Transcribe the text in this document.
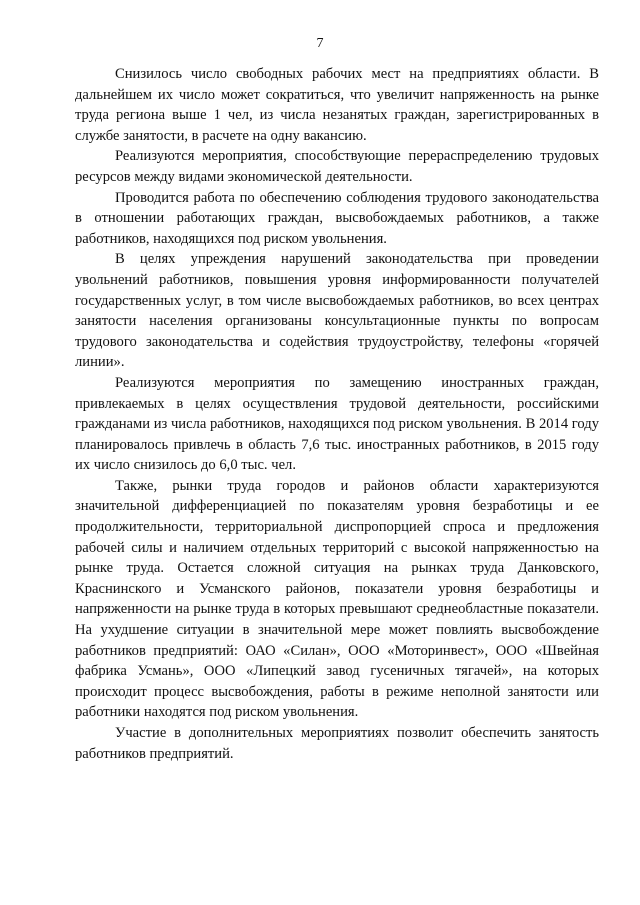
7

Снизилось число свободных рабочих мест на предприятиях области. В дальнейшем их число может сократиться, что увеличит напряженность на рынке труда региона выше 1 чел, из числа незанятых граждан, зарегистрированных в службе занятости, в расчете на одну вакансию.

Реализуются мероприятия, способствующие перераспределению трудовых ресурсов между видами экономической деятельности.

Проводится работа по обеспечению соблюдения трудового законодательства в отношении работающих граждан, высвобождаемых работников, а также работников, находящихся под риском увольнения.

В целях упреждения нарушений законодательства при проведении увольнений работников, повышения уровня информированности получателей государственных услуг, в том числе высвобождаемых работников, во всех центрах занятости населения организованы консультационные пункты по вопросам трудового законодательства и содействия трудоустройству, телефоны «горячей линии».

Реализуются мероприятия по замещению иностранных граждан, привлекаемых в целях осуществления трудовой деятельности, российскими гражданами из числа работников, находящихся под риском увольнения. В 2014 году планировалось привлечь в область 7,6 тыс. иностранных работников, в 2015 году их число снизилось до 6,0 тыс. чел.

Также, рынки труда городов и районов области характеризуются значительной дифференциацией по показателям уровня безработицы и ее продолжительности, территориальной диспропорцией спроса и предложения рабочей силы и наличием отдельных территорий с высокой напряженностью на рынке труда. Остается сложной ситуация на рынках труда Данковского, Краснинского и Усманского районов, показатели уровня безработицы и напряженности на рынке труда в которых превышают среднеобластные показатели. На ухудшение ситуации в значительной мере может повлиять высвобождение работников предприятий: ОАО «Силан», ООО «Моторинвест», ООО «Швейная фабрика Усмань», ООО «Липецкий завод гусеничных тягачей», на которых происходит процесс высвобождения, работы в режиме неполной занятости или работники находятся под риском увольнения.

Участие в дополнительных мероприятиях позволит обеспечить занятость работников предприятий.
